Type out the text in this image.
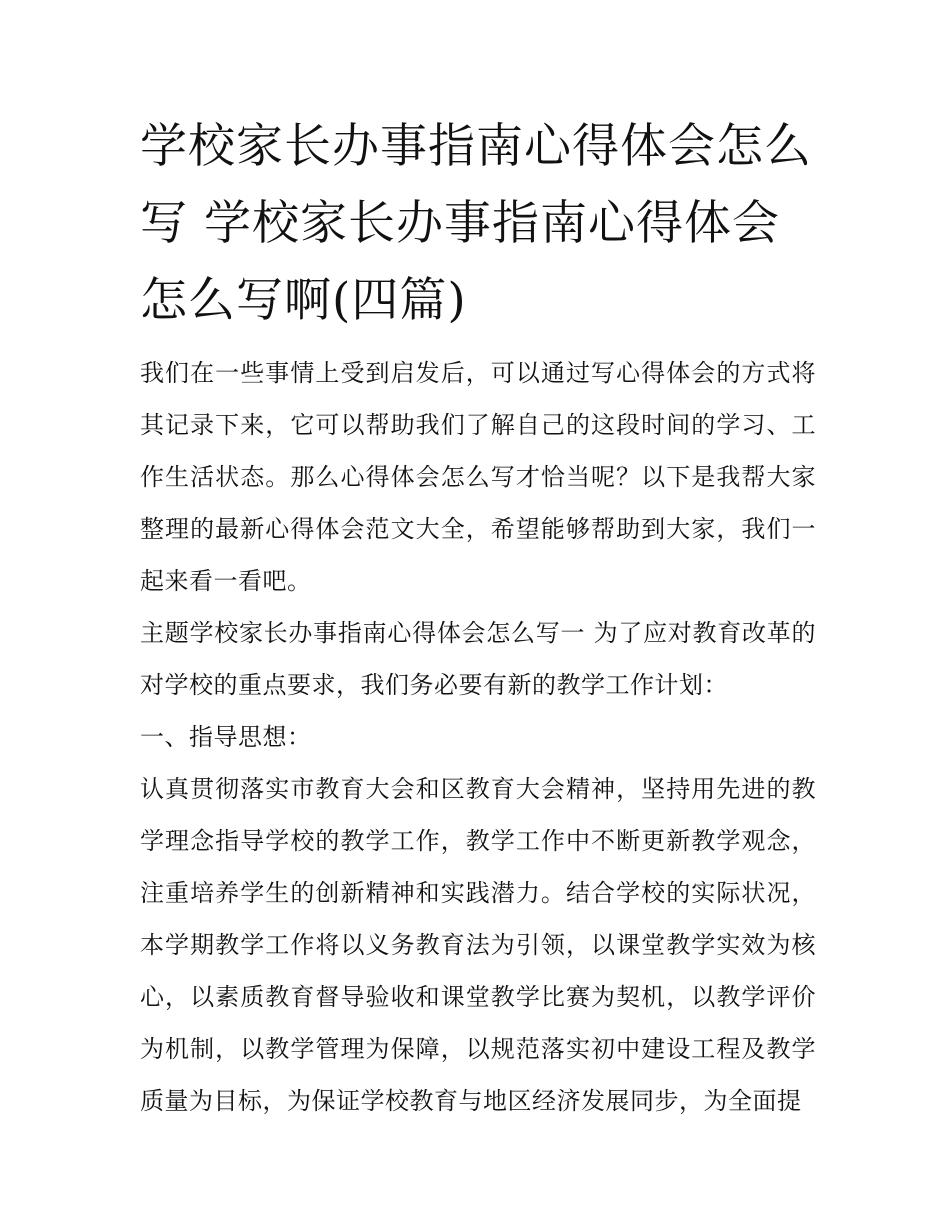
学校家长办事指南心得体会怎么写 学校家长办事指南心得体会怎么写啊(四篇)

我们在一些事情上受到启发后，可以通过写心得体会的方式将其记录下来，它可以帮助我们了解自己的这段时间的学习、工作生活状态。那么心得体会怎么写才恰当呢？以下是我帮大家整理的最新心得体会范文大全，希望能够帮助到大家，我们一起来看一看吧。

主题学校家长办事指南心得体会怎么写一 为了应对教育改革的对学校的重点要求，我们务必要有新的教学工作计划：

一、指导思想：

认真贯彻落实市教育大会和区教育大会精神，坚持用先进的教学理念指导学校的教学工作，教学工作中不断更新教学观念，注重培养学生的创新精神和实践潜力。结合学校的实际状况，本学期教学工作将以义务教育法为引领，以课堂教学实效为核心，以素质教育督导验收和课堂教学比赛为契机，以教学评价为机制，以教学管理为保障，以规范落实初中建设工程及教学质量为目标，为保证学校教育与地区经济发展同步，为全面提
